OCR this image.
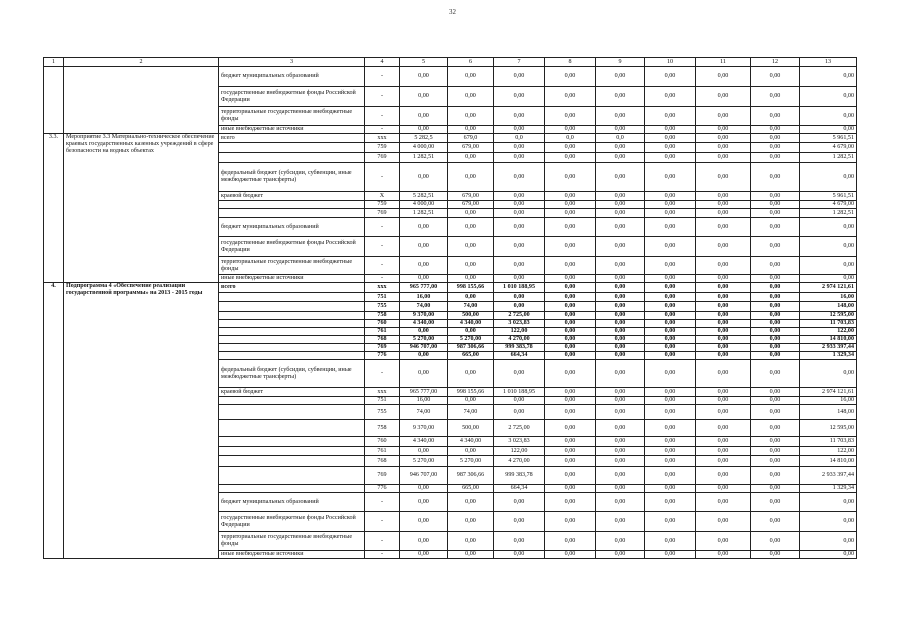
32
1	2	3	4	5	6	7	8	9	10	11	12	13
		бюджет муниципальных образований	-	0,00	0,00	0,00	0,00	0,00	0,00	0,00	0,00	0,00
		государственные внебюджетные фонды Российской Федерации	-	0,00	0,00	0,00	0,00	0,00	0,00	0,00	0,00	0,00
		территориальные государственные внебюджетные фонды	-	0,00	0,00	0,00	0,00	0,00	0,00	0,00	0,00	0,00
		иные внебюджетные источники	-	0,00	0,00	0,00	0,00	0,00	0,00	0,00	0,00	0,00
3.3.	Мероприятие 3.3 Материально-техническое обеспечение краевых государственных казенных учреждений в сфере безопасности на водных объектах	всего	ххх	5 282,5	679,0	0,0	0,0	0,0	0,00	0,00	0,00	5 961,51
			759	4 000,00	679,00	0,00	0,00	0,00	0,00	0,00	0,00	4 679,00
			769	1 282,51	0,00	0,00	0,00	0,00	0,00	0,00	0,00	1 282,51
		федеральный бюджет (субсидии, субвенции, иные межбюджетные трансферты)	-	0,00	0,00	0,00	0,00	0,00	0,00	0,00	0,00	0,00
		краевой бюджет	Х	5 282,51	679,00	0,00	0,00	0,00	0,00	0,00	0,00	5 961,51
			759	4 000,00	679,00	0,00	0,00	0,00	0,00	0,00	0,00	4 679,00
			769	1 282,51	0,00	0,00	0,00	0,00	0,00	0,00	0,00	1 282,51
		бюджет муниципальных образований	-	0,00	0,00	0,00	0,00	0,00	0,00	0,00	0,00	0,00
		государственные внебюджетные фонды Российской Федерации	-	0,00	0,00	0,00	0,00	0,00	0,00	0,00	0,00	0,00
		территориальные государственные внебюджетные фонды	-	0,00	0,00	0,00	0,00	0,00	0,00	0,00	0,00	0,00
		иные внебюджетные источники	-	0,00	0,00	0,00	0,00	0,00	0,00	0,00	0,00	0,00
4.	Подпрограмма 4 «Обеспечение реализации государственной программы» на 2013 - 2015 годы	всего	ххх	965 777,00	998 155,66	1 010 188,95	0,00	0,00	0,00	0,00	0,00	2 974 121,61
			751	16,00	0,00	0,00	0,00	0,00	0,00	0,00	0,00	16,00
			755	74,00	74,00	0,00	0,00	0,00	0,00	0,00	0,00	148,00
			758	9 370,00	500,00	2 725,00	0,00	0,00	0,00	0,00	0,00	12 595,00
			760	4 340,00	4 340,00	3 023,83	0,00	0,00	0,00	0,00	0,00	11 703,83
			761	0,00	0,00	122,00	0,00	0,00	0,00	0,00	0,00	122,00
			768	5 270,00	5 270,00	4 270,00	0,00	0,00	0,00	0,00	0,00	14 810,00
			769	946 707,00	987 306,66	999 383,78	0,00	0,00	0,00	0,00	0,00	2 933 397,44
			776	0,00	665,00	664,34	0,00	0,00	0,00	0,00	0,00	1 329,34
		федеральный бюджет (субсидии, субвенции, иные межбюджетные трансферты)	-	0,00	0,00	0,00	0,00	0,00	0,00	0,00	0,00	0,00
		краевой бюджет	ххх	965 777,00	998 155,66	1 010 188,95	0,00	0,00	0,00	0,00	0,00	2 974 121,61
			751	16,00	0,00	0,00	0,00	0,00	0,00	0,00	0,00	16,00
			755	74,00	74,00	0,00	0,00	0,00	0,00	0,00	0,00	148,00
			758	9 370,00	500,00	2 725,00	0,00	0,00	0,00	0,00	0,00	12 595,00
			760	4 340,00	4 340,00	3 023,83	0,00	0,00	0,00	0,00	0,00	11 703,83
			761	0,00	0,00	122,00	0,00	0,00	0,00	0,00	0,00	122,00
			768	5 270,00	5 270,00	4 270,00	0,00	0,00	0,00	0,00	0,00	14 810,00
			769	946 707,00	987 306,66	999 383,78	0,00	0,00	0,00	0,00	0,00	2 933 397,44
			776	0,00	665,00	664,34	0,00	0,00	0,00	0,00	0,00	1 329,34
		бюджет муниципальных образований	-	0,00	0,00	0,00	0,00	0,00	0,00	0,00	0,00	0,00
		государственные внебюджетные фонды Российской Федерации	-	0,00	0,00	0,00	0,00	0,00	0,00	0,00	0,00	0,00
		территориальные государственные внебюджетные фонды	-	0,00	0,00	0,00	0,00	0,00	0,00	0,00	0,00	0,00
		иные внебюджетные источники	-	0,00	0,00	0,00	0,00	0,00	0,00	0,00	0,00	0,00
